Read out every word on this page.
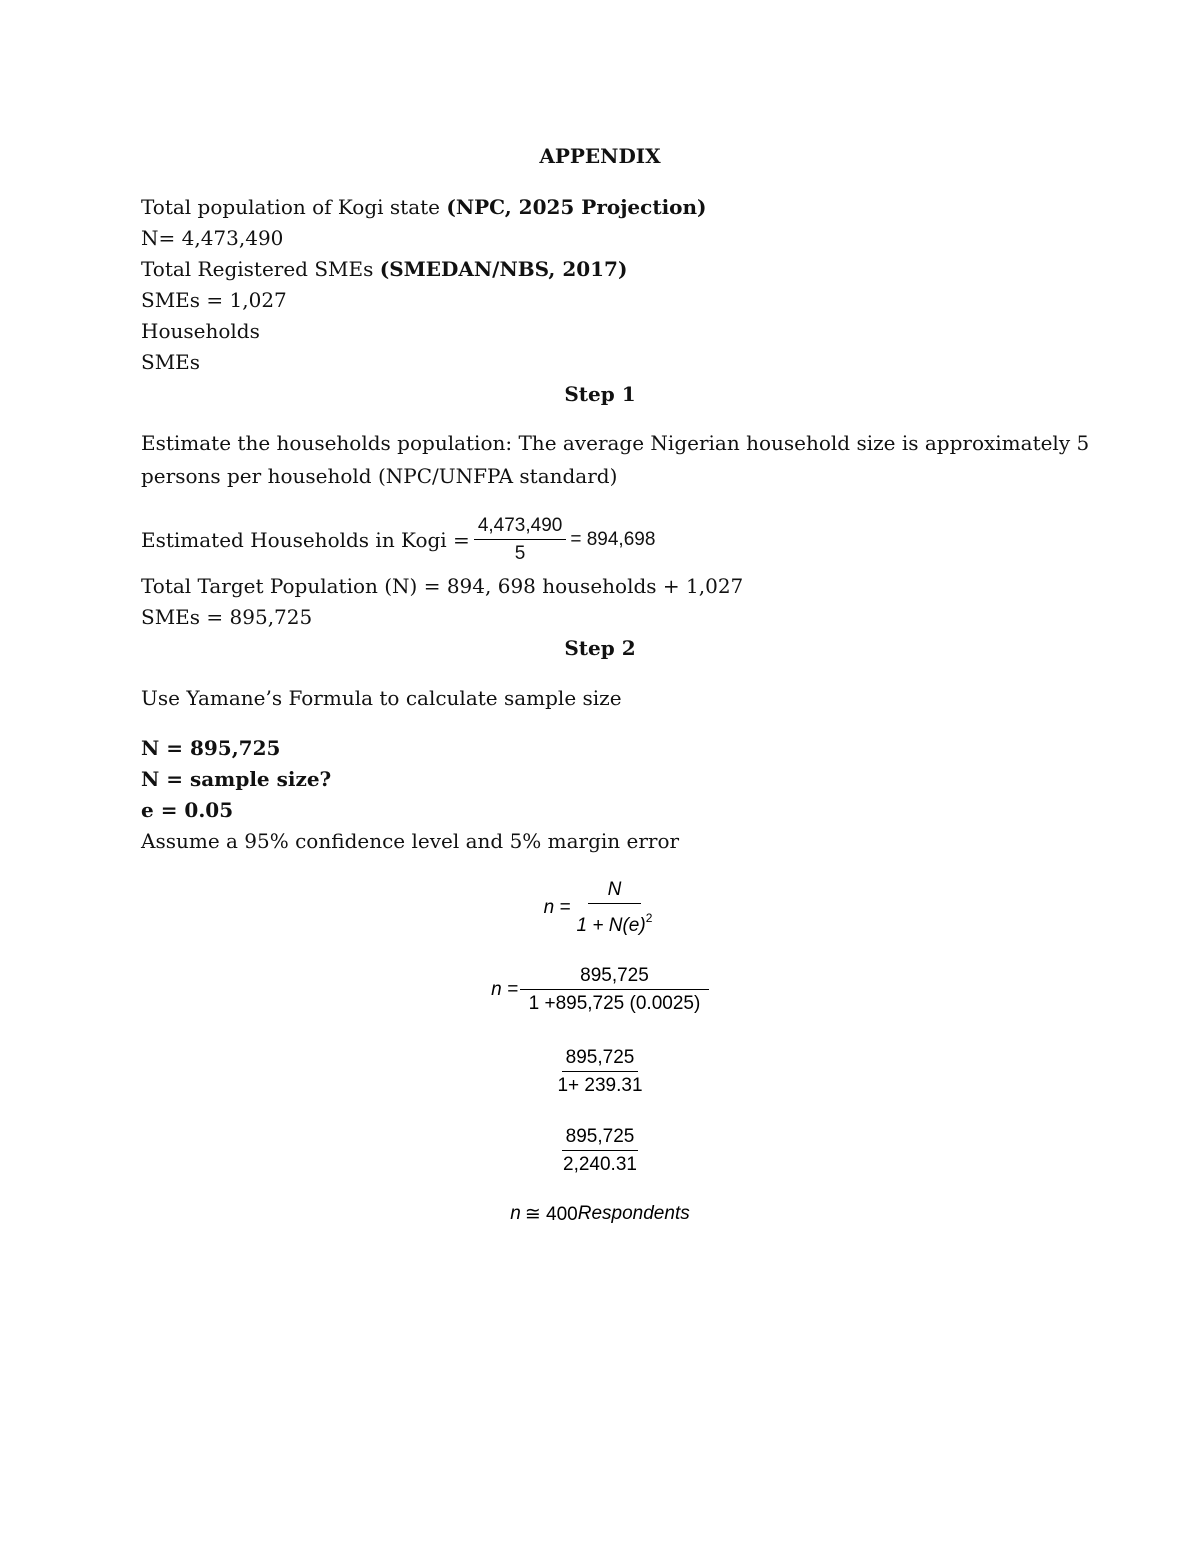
APPENDIX
Total population of Kogi state (NPC, 2025 Projection)
N= 4,473,490
Total Registered SMEs (SMEDAN/NBS, 2017)
SMEs = 1,027
Households
SMEs
Step 1
Estimate the households population: The average Nigerian household size is approximately 5
persons per household (NPC/UNFPA standard)
Estimated Households in Kogi = $\frac{4,473,490}{5} = 894,698$
Total Target Population (N) = 894, 698 households + 1,027
SMEs = 895,725
Step 2
Use Yamane’s Formula to calculate sample size
N = 895,725
N = sample size?
e = 0.05
Assume a 95% confidence level and 5% margin error
$n = \frac{N}{1 + N(e)^2}$
$n = \frac{895,725}{1 +895,725 (0.0025)}$
$\frac{895,725}{1+ 239.31}$
$\frac{895,725}{2,240.31}$
n ≅ 400 Respondents
